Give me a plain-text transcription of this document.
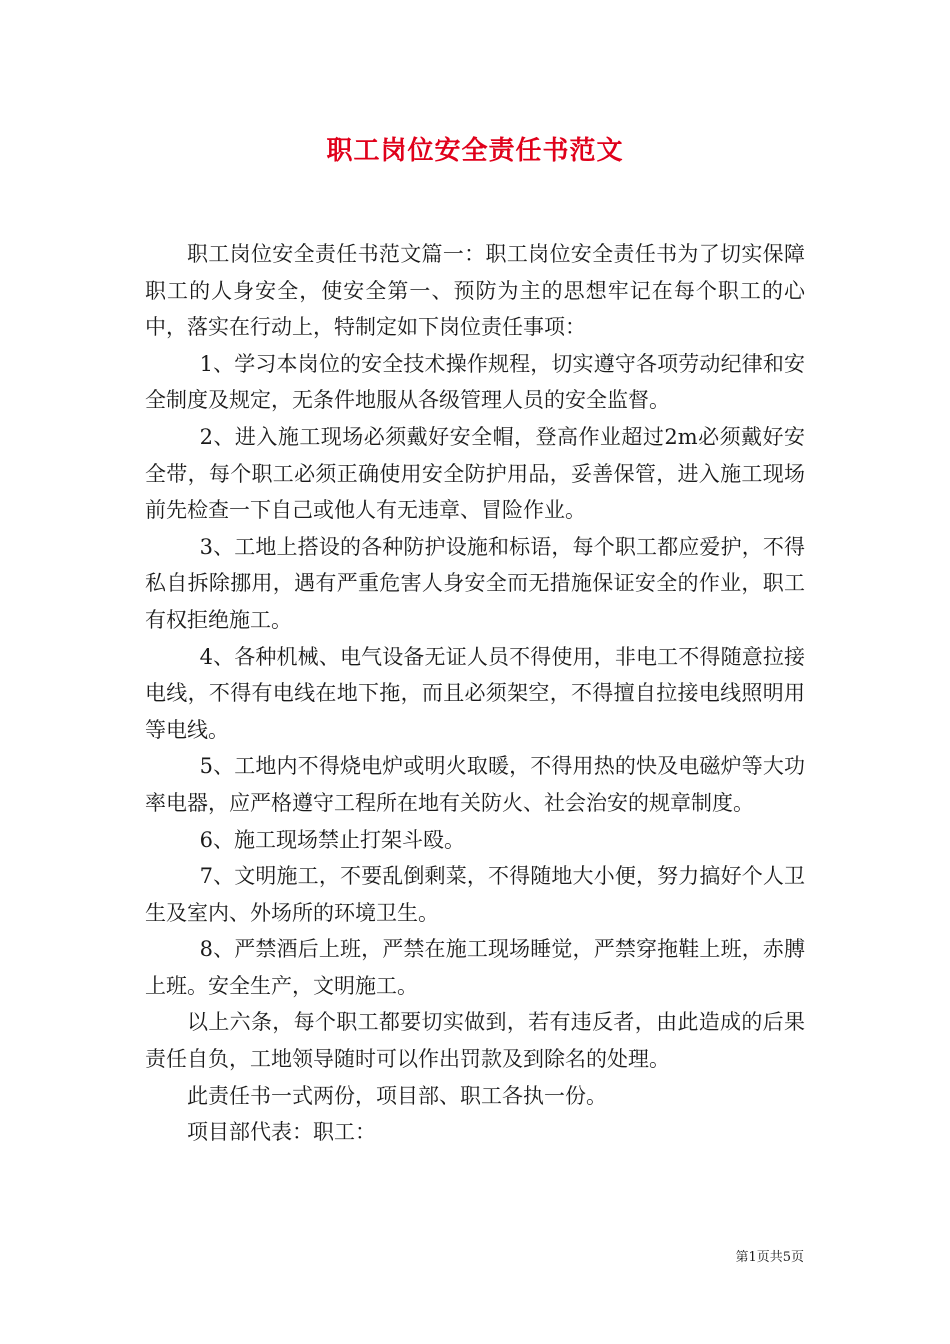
职工岗位安全责任书范文

职工岗位安全责任书范文篇一：职工岗位安全责任书为了切实保障职工的人身安全，使安全第一、预防为主的思想牢记在每个职工的心中，落实在行动上，特制定如下岗位责任事项：

1、学习本岗位的安全技术操作规程，切实遵守各项劳动纪律和安全制度及规定，无条件地服从各级管理人员的安全监督。

2、进入施工现场必须戴好安全帽，登高作业超过2m必须戴好安全带，每个职工必须正确使用安全防护用品，妥善保管，进入施工现场前先检查一下自己或他人有无违章、冒险作业。

3、工地上搭设的各种防护设施和标语，每个职工都应爱护，不得私自拆除挪用，遇有严重危害人身安全而无措施保证安全的作业，职工有权拒绝施工。

4、各种机械、电气设备无证人员不得使用，非电工不得随意拉接电线，不得有电线在地下拖，而且必须架空，不得擅自拉接电线照明用等电线。

5、工地内不得烧电炉或明火取暖，不得用热的快及电磁炉等大功率电器，应严格遵守工程所在地有关防火、社会治安的规章制度。

6、施工现场禁止打架斗殴。

7、文明施工，不要乱倒剩菜，不得随地大小便，努力搞好个人卫生及室内、外场所的环境卫生。

8、严禁酒后上班，严禁在施工现场睡觉，严禁穿拖鞋上班，赤膊上班。安全生产，文明施工。

以上六条，每个职工都要切实做到，若有违反者，由此造成的后果责任自负，工地领导随时可以作出罚款及到除名的处理。

此责任书一式两份，项目部、职工各执一份。

项目部代表：职工：

第1页共5页
